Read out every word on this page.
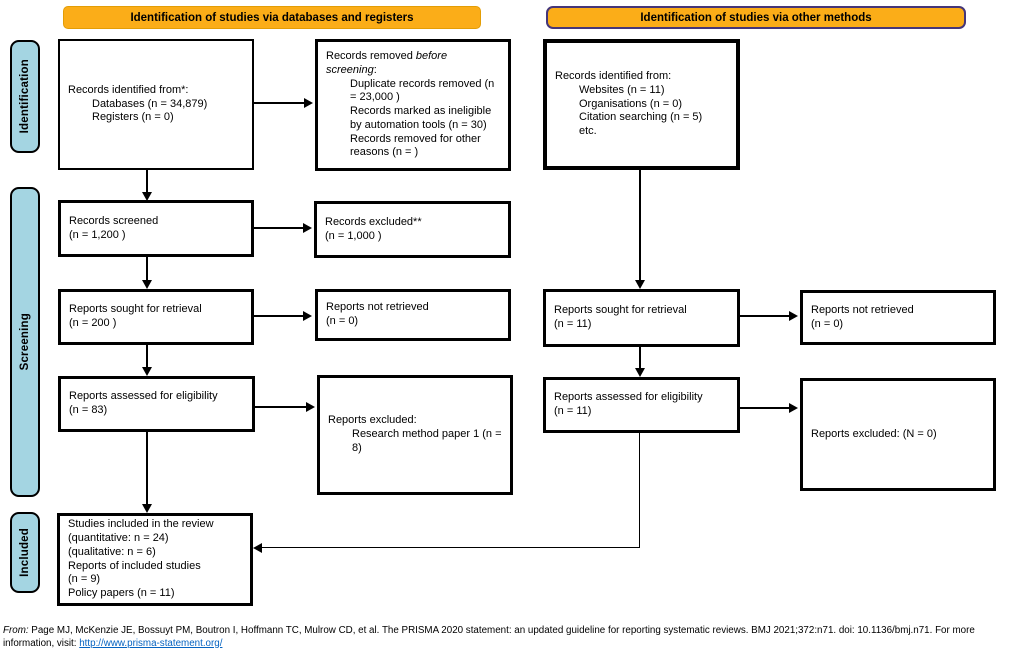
Identification of studies via databases and registers	Identification of studies via other methods
Identification
Screening
Included
Records identified from*:
Databases (n = 34,879)
Registers (n = 0)
Records removed before screening:
Duplicate records removed (n = 23,000 )
Records marked as ineligible by automation tools (n = 30)
Records removed for other reasons (n = )
Records screened
(n = 1,200 )
Records excluded**
(n = 1,000 )
Reports sought for retrieval
(n = 200 )
Reports not retrieved
(n = 0)
Reports assessed for eligibility
(n = 83)
Reports excluded:
Research method paper 1 (n = 8)
Studies included in the review
(quantitative: n = 24)
(qualitative: n = 6)
Reports of included studies
(n = 9)
Policy papers (n = 11)
Records identified from:
Websites (n = 11)
Organisations (n = 0)
Citation searching (n = 5)
etc.
Reports sought for retrieval
(n = 11)
Reports not retrieved
(n = 0)
Reports assessed for eligibility
(n = 11)
Reports excluded: (N = 0)
From: Page MJ, McKenzie JE, Bossuyt PM, Boutron I, Hoffmann TC, Mulrow CD, et al. The PRISMA 2020 statement: an updated guideline for reporting systematic reviews. BMJ 2021;372:n71. doi: 10.1136/bmj.n71. For more information, visit: http://www.prisma-statement.org/
